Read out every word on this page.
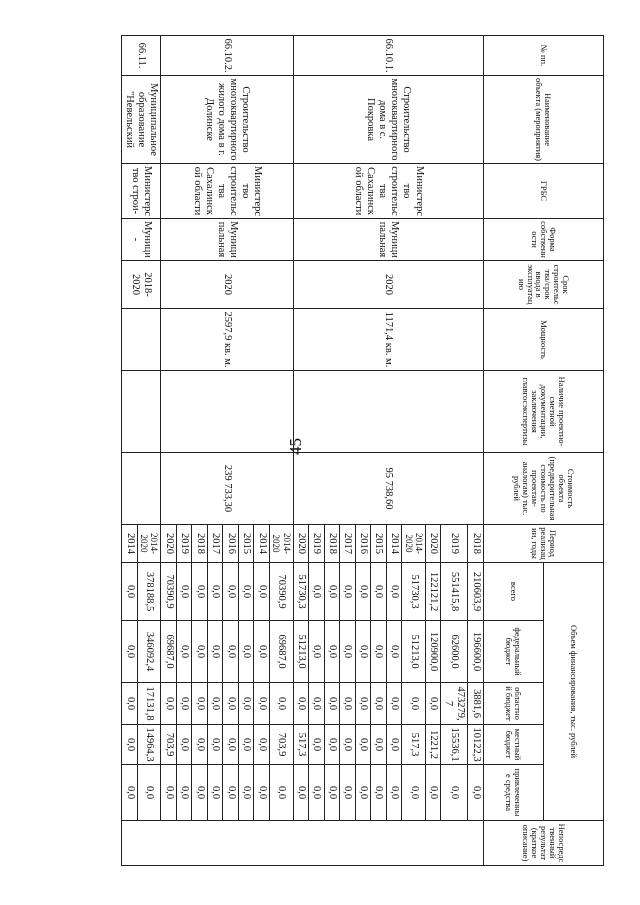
45
№ пп.	Наименование объекта (мероприятия)	ГРБС	Форма собственности	Срок строительства/срок ввода в эксплуатацию	Мощность	Наличие проектно-сметной документации, заключения главгосэкспертизы	Стоимость объекта (предварительная стоимость по проектам-аналогам) тыс. рублей	Период реализации, годы	Объем финансирования, тыс. рублей					Непосредственный результат (краткое описание)
									всего	федеральный бюджет	областной бюджет	местный бюджет	привлеченные средства	
66.10.1.	Строительство многоквартирного дома в с. Покровка	Министерство строительства Сахалинской области	Муниципальная	2020	1171,4 кв. м.		95 738,60	2018	210603,9	196600,0	3881,6	10122,3	0,0	
								2019	551415,8	62600,0	473279,7	15536,1	0,0	
								2020	122121,2	120900,0	0,0	1221,2	0,0	
								2014-2020	51730,3	51213,0	0,0	517,3	0,0	
								2014	0,0	0,0	0,0	0,0	0,0	
								2015	0,0	0,0	0,0	0,0	0,0	
								2016	0,0	0,0	0,0	0,0	0,0	
								2017	0,0	0,0	0,0	0,0	0,0	
								2018	0,0	0,0	0,0	0,0	0,0	
								2019	0,0	0,0	0,0	0,0	0,0	
								2020	51730,3	51213,0	0,0	517,3	0,0	
66.10.2.	Строительство многоквартирного жилого дома в г. Долинске	Министерство строительства Сахалинской области	Муниципальная	2020	2597,9 кв. м.		239 733,30	2014-2020	70390,9	69687,0	0,0	703,9	0,0	
								2014	0,0	0,0	0,0	0,0	0,0	
								2015	0,0	0,0	0,0	0,0	0,0	
								2016	0,0	0,0	0,0	0,0	0,0	
								2017	0,0	0,0	0,0	0,0	0,0	
								2018	0,0	0,0	0,0	0,0	0,0	
								2019	0,0	0,0	0,0	0,0	0,0	
								2020	70390,9	69687,0	0,0	703,9	0,0	
66.11.	Муниципальное образование "Невельский	Министерство строи-	Муници-	2018-2020				2014-2020	378188,5	346092,4	17131,8	14964,3	0,0	
								2014	0,0	0,0	0,0	0,0	0,0	
